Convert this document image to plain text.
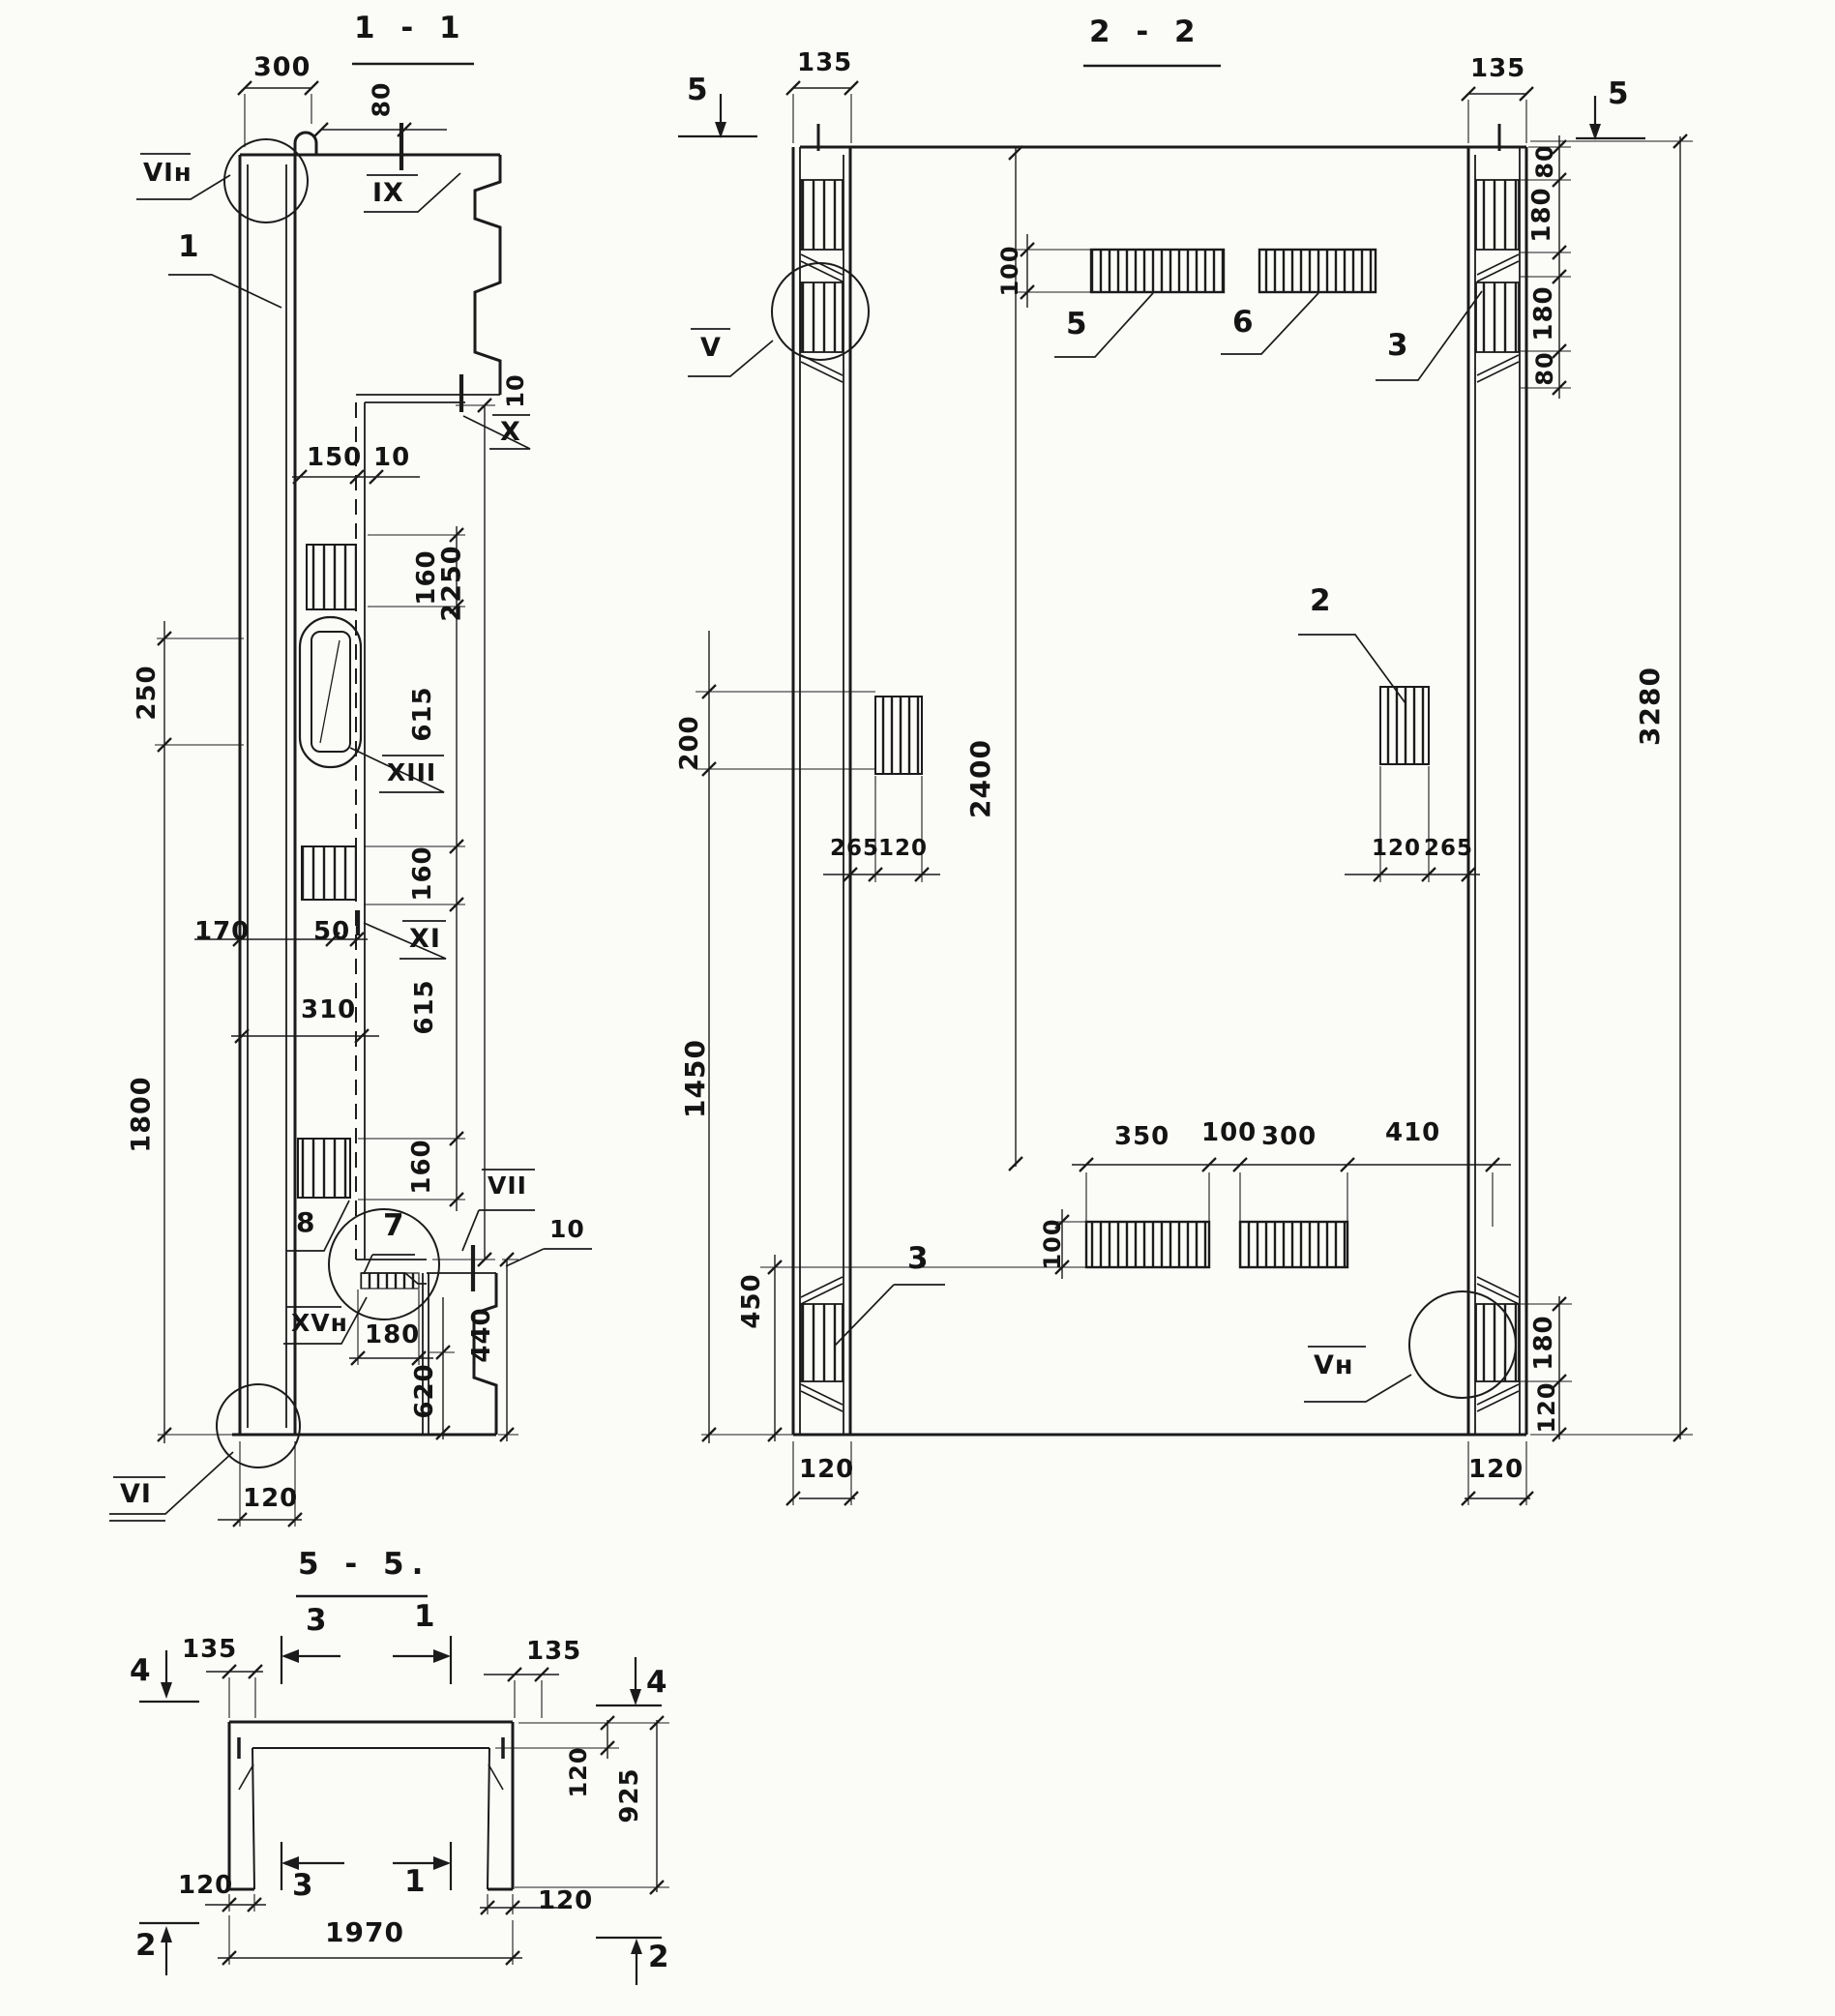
1 - 1
300
80
VIн
IX
1
150 10
10
X
160
250	615
XIII
170	50
160
XI
615
2250
310
1800
160
8 7
VII
XVн 180
620
440
10
VI	120
2 - 2
5
135	135
5
100
5	6
3
V
80
180
180
80
3280
2
200	2400
265
120	120 265
1450
3
350 100 300	410
100
450
Vн	180
120
120	120
5 - 5.
4
135
3	1
135
4
120 925
3	1
120
120
2	2
1970
